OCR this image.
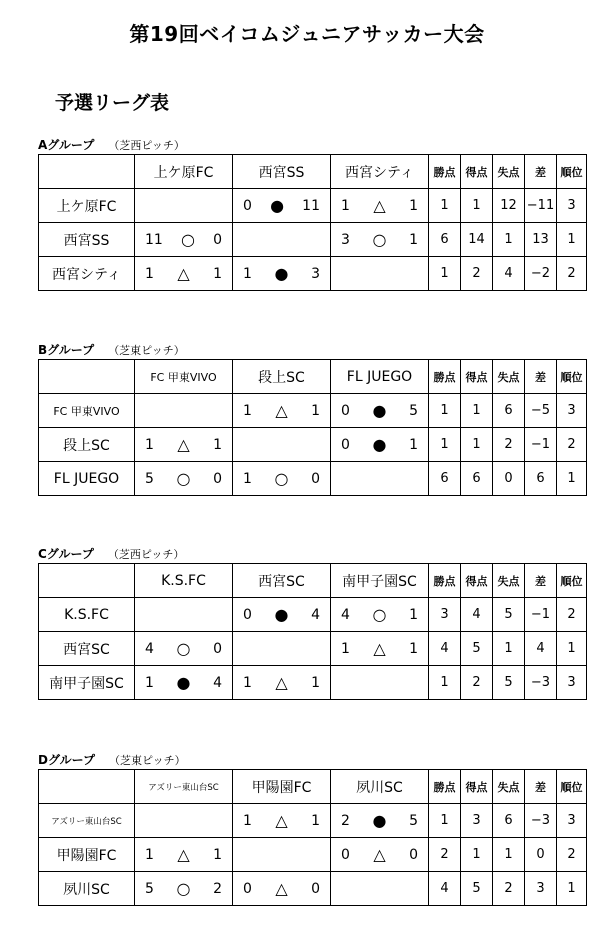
第19回ベイコムジュニアサッカー大会
予選リーグ表
Aグループ （芝西ピッチ）
	上ケ原FC	西宮SS	西宮シティ	勝点	得点	失点	差	順位
上ケ原FC		0 ● 11	1 △ 1	1	1	12	−11	3
西宮SS	11 ○ 0		3 ○ 1	6	14	1	13	1
西宮シティ	1 △ 1	1 ● 3		1	2	4	−2	2
Bグループ （芝東ピッチ）
	FC 甲東VIVO	段上SC	FL JUEGO	勝点	得点	失点	差	順位
FC 甲東VIVO		1 △ 1	0 ● 5	1	1	6	−5	3
段上SC	1 △ 1		0 ● 1	1	1	2	−1	2
FL JUEGO	5 ○ 0	1 ○ 0		6	6	0	6	1
Cグループ （芝西ピッチ）
	K.S.FC	西宮SC	南甲子園SC	勝点	得点	失点	差	順位
K.S.FC		0 ● 4	4 ○ 1	3	4	5	−1	2
西宮SC	4 ○ 0		1 △ 1	4	5	1	4	1
南甲子園SC	1 ● 4	1 △ 1		1	2	5	−3	3
Dグループ （芝東ピッチ）
	アズリー東山台SC	甲陽園FC	夙川SC	勝点	得点	失点	差	順位
アズリー東山台SC		1 △ 1	2 ● 5	1	3	6	−3	3
甲陽園FC	1 △ 1		0 △ 0	2	1	1	0	2
夙川SC	5 ○ 2	0 △ 0		4	5	2	3	1
